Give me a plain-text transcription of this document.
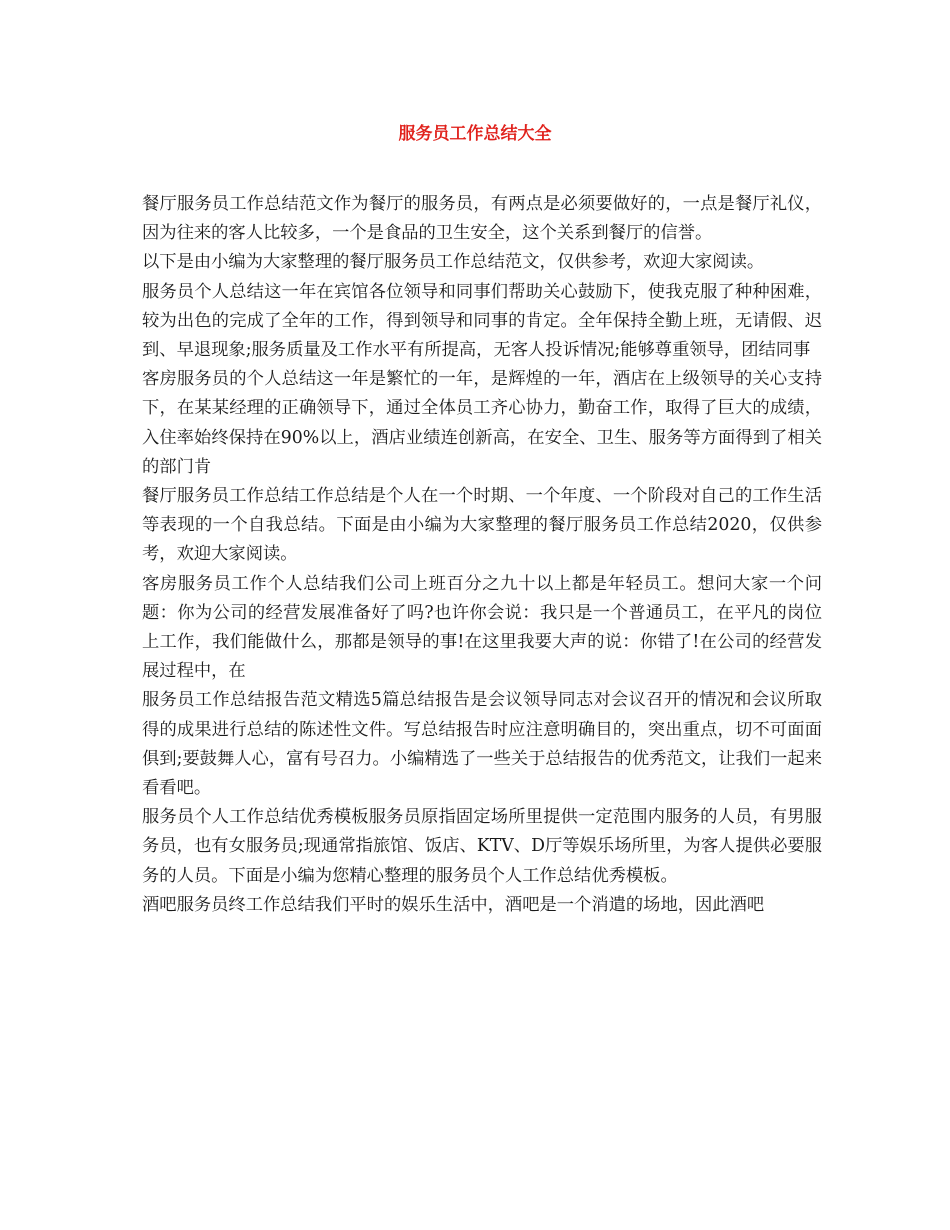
服务员工作总结大全

餐厅服务员工作总结范文作为餐厅的服务员，有两点是必须要做好的，一点是餐厅礼仪，因为往来的客人比较多，一个是食品的卫生安全，这个关系到餐厅的信誉。

以下是由小编为大家整理的餐厅服务员工作总结范文，仅供参考，欢迎大家阅读。

服务员个人总结这一年在宾馆各位领导和同事们帮助关心鼓励下，使我克服了种种困难，较为出色的完成了全年的工作，得到领导和同事的肯定。全年保持全勤上班，无请假、迟到、早退现象;服务质量及工作水平有所提高，无客人投诉情况;能够尊重领导，团结同事

客房服务员的个人总结这一年是繁忙的一年，是辉煌的一年，酒店在上级领导的关心支持下，在某某经理的正确领导下，通过全体员工齐心协力，勤奋工作，取得了巨大的成绩，入住率始终保持在90%以上，酒店业绩连创新高，在安全、卫生、服务等方面得到了相关的部门肯

餐厅服务员工作总结工作总结是个人在一个时期、一个年度、一个阶段对自己的工作生活等表现的一个自我总结。下面是由小编为大家整理的餐厅服务员工作总结2020，仅供参考，欢迎大家阅读。

客房服务员工作个人总结我们公司上班百分之九十以上都是年轻员工。想问大家一个问题：你为公司的经营发展准备好了吗?也许你会说：我只是一个普通员工，在平凡的岗位上工作，我们能做什么，那都是领导的事!在这里我要大声的说：你错了!在公司的经营发展过程中，在

服务员工作总结报告范文精选5篇总结报告是会议领导同志对会议召开的情况和会议所取得的成果进行总结的陈述性文件。写总结报告时应注意明确目的，突出重点，切不可面面俱到;要鼓舞人心，富有号召力。小编精选了一些关于总结报告的优秀范文，让我们一起来看看吧。

服务员个人工作总结优秀模板服务员原指固定场所里提供一定范围内服务的人员，有男服务员，也有女服务员;现通常指旅馆、饭店、KTV、D厅等娱乐场所里，为客人提供必要服务的人员。下面是小编为您精心整理的服务员个人工作总结优秀模板。

酒吧服务员终工作总结我们平时的娱乐生活中，酒吧是一个消遣的场地，因此酒吧
